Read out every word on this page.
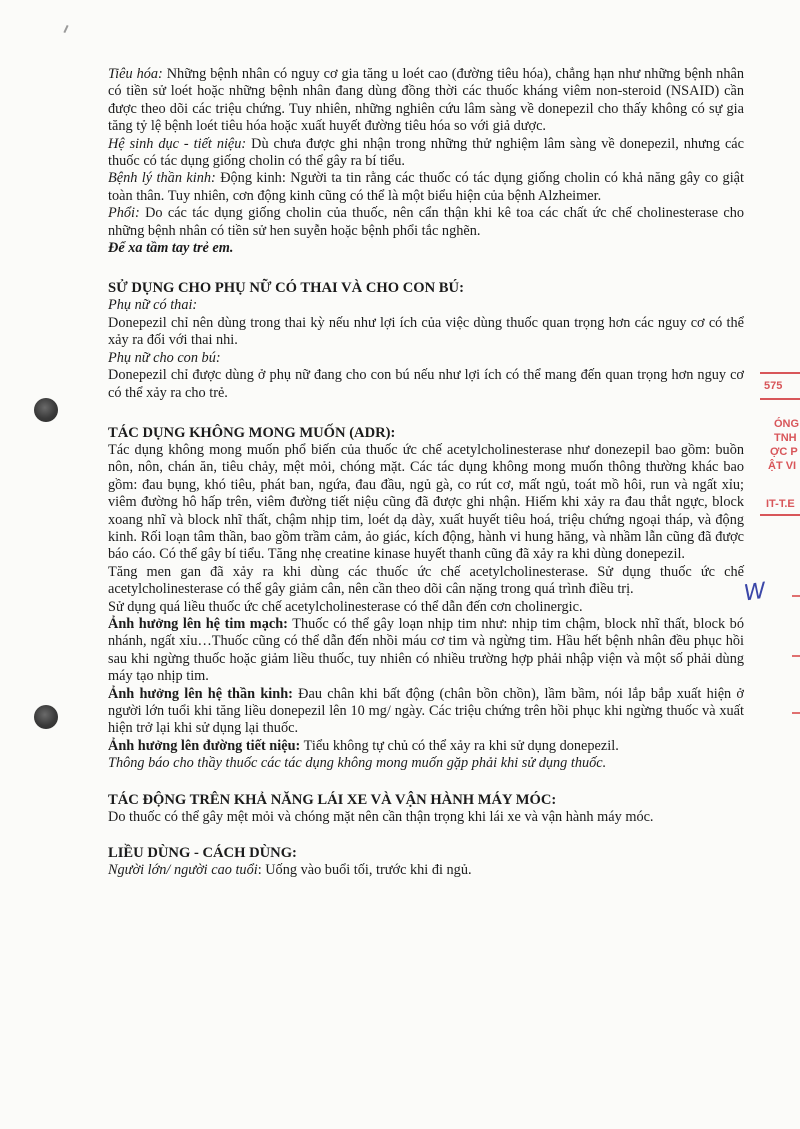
Tiêu hóa: Những bệnh nhân có nguy cơ gia tăng u loét cao (đường tiêu hóa), chẳng hạn như những bệnh nhân có tiền sử loét hoặc những bệnh nhân đang dùng đồng thời các thuốc kháng viêm non-steroid (NSAID) cần được theo dõi các triệu chứng. Tuy nhiên, những nghiên cứu lâm sàng về donepezil cho thấy không có sự gia tăng tỷ lệ bệnh loét tiêu hóa hoặc xuất huyết đường tiêu hóa so với giả dược.

Hệ sinh dục - tiết niệu: Dù chưa được ghi nhận trong những thử nghiệm lâm sàng về donepezil, nhưng các thuốc có tác dụng giống cholin có thể gây ra bí tiểu.

Bệnh lý thần kinh: Động kinh: Người ta tin rằng các thuốc có tác dụng giống cholin có khả năng gây co giật toàn thân. Tuy nhiên, cơn động kinh cũng có thể là một biểu hiện của bệnh Alzheimer.

Phổi: Do các tác dụng giống cholin của thuốc, nên cẩn thận khi kê toa các chất ức chế cholinesterase cho những bệnh nhân có tiền sử hen suyễn hoặc bệnh phổi tắc nghẽn.

Để xa tầm tay trẻ em.

SỬ DỤNG CHO PHỤ NỮ CÓ THAI VÀ CHO CON BÚ:

Phụ nữ có thai:

Donepezil chỉ nên dùng trong thai kỳ nếu như lợi ích của việc dùng thuốc quan trọng hơn các nguy cơ có thể xảy ra đối với thai nhi.

Phụ nữ cho con bú:

Donepezil chỉ được dùng ở phụ nữ đang cho con bú nếu như lợi ích có thể mang đến quan trọng hơn nguy cơ có thể xảy ra cho trẻ.

TÁC DỤNG KHÔNG MONG MUỐN (ADR):

Tác dụng không mong muốn phổ biến của thuốc ức chế acetylcholinesterase như donezepil bao gồm: buồn nôn, nôn, chán ăn, tiêu chảy, mệt mỏi, chóng mặt. Các tác dụng không mong muốn thông thường khác bao gồm: đau bụng, khó tiêu, phát ban, ngứa, đau đầu, ngủ gà, co rút cơ, mất ngủ, toát mồ hôi, run và ngất xỉu; viêm đường hô hấp trên, viêm đường tiết niệu cũng đã được ghi nhận. Hiếm khi xảy ra đau thắt ngực, block xoang nhĩ và block nhĩ thất, chậm nhịp tim, loét dạ dày, xuất huyết tiêu hoá, triệu chứng ngoại tháp, và động kinh. Rối loạn tâm thần, bao gồm trầm cảm, ảo giác, kích động, hành vi hung hăng, và nhầm lẫn cũng đã được báo cáo. Có thể gây bí tiểu. Tăng nhẹ creatine kinase huyết thanh cũng đã xảy ra khi dùng donepezil.

Tăng men gan đã xảy ra khi dùng các thuốc ức chế acetylcholinesterase. Sử dụng thuốc ức chế acetylcholinesterase có thể gây giảm cân, nên cần theo dõi cân nặng trong quá trình điều trị.

Sử dụng quá liều thuốc ức chế acetylcholinesterase có thể dẫn đến cơn cholinergic.

Ảnh hưởng lên hệ tim mạch: Thuốc có thể gây loạn nhịp tim như: nhịp tim chậm, block nhĩ thất, block bó nhánh, ngất xỉu…Thuốc cũng có thể dẫn đến nhồi máu cơ tim và ngừng tim. Hầu hết bệnh nhân đều phục hồi sau khi ngừng thuốc hoặc giảm liều thuốc, tuy nhiên có nhiều trường hợp phải nhập viện và một số phải dùng máy tạo nhịp tim.

Ảnh hưởng lên hệ thần kinh: Đau chân khi bất động (chân bồn chồn), lầm bầm, nói lắp bắp xuất hiện ở người lớn tuổi khi tăng liều donepezil lên 10 mg/ ngày. Các triệu chứng trên hồi phục khi ngừng thuốc và xuất hiện trở lại khi sử dụng lại thuốc.

Ảnh hưởng lên đường tiết niệu: Tiểu không tự chủ có thể xảy ra khi sử dụng donepezil.

Thông báo cho thầy thuốc các tác dụng không mong muốn gặp phải khi sử dụng thuốc.

TÁC ĐỘNG TRÊN KHẢ NĂNG LÁI XE VÀ VẬN HÀNH MÁY MÓC:

Do thuốc có thể gây mệt mỏi và chóng mặt nên cần thận trọng khi lái xe và vận hành máy móc.

LIỀU DÙNG - CÁCH DÙNG:

Người lớn/ người cao tuổi: Uống vào buổi tối, trước khi đi ngủ.

575
ÓNG
TNH
ỢC P
ẬT VI
IT-T.E
W
